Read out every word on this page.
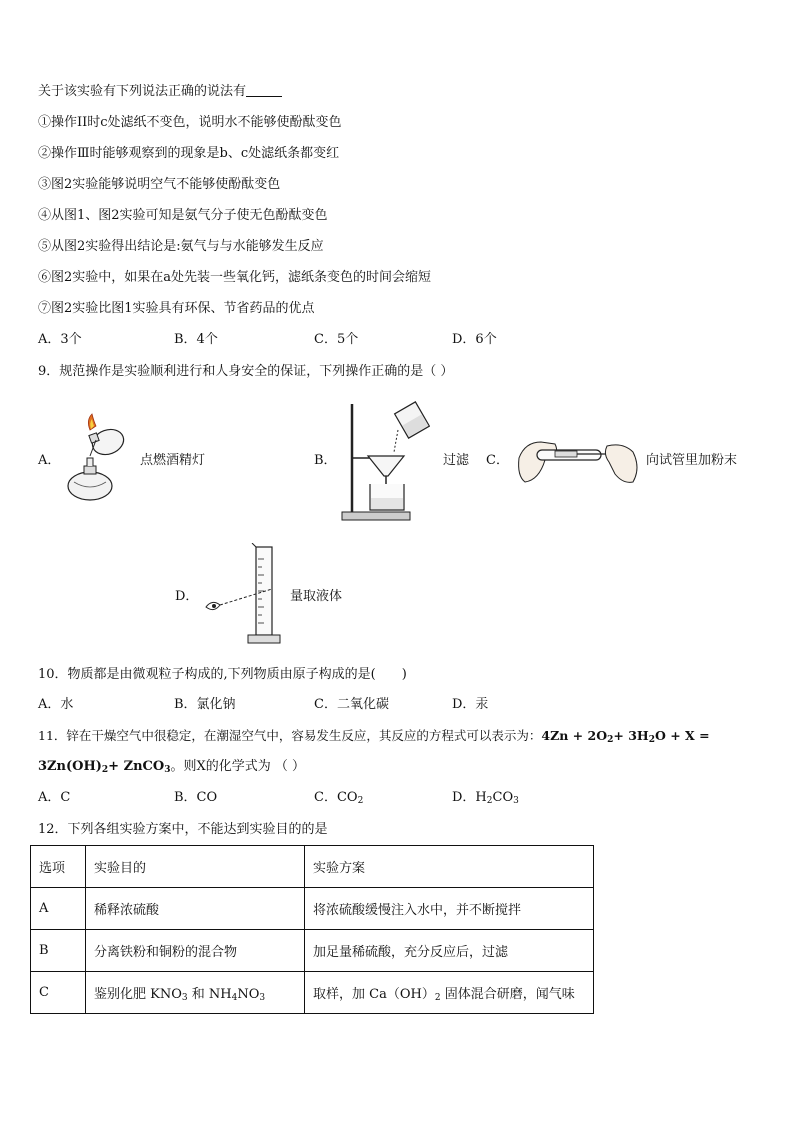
关于该实验有下列说法正确的说法有
①操作II时c处滤纸不变色，说明水不能够使酚酞变色
②操作Ⅲ时能够观察到的现象是b、c处滤纸条都变红
③图2实验能够说明空气不能够使酚酞变色
④从图1、图2实验可知是氨气分子使无色酚酞变色
⑤从图2实验得出结论是:氨气与与水能够发生反应
⑥图2实验中，如果在a处先装一些氧化钙，滤纸条变色的时间会缩短
⑦图2实验比图1实验具有环保、节省药品的优点
A．3个	B．4个	C．5个	D．6个
9．规范操作是实验顺利进行和人身安全的保证，下列操作正确的是（ ）
A．	点燃酒精灯	B．	过滤 C．	向试管里加粉末
D．	量取液体
10．物质都是由微观粒子构成的,下列物质由原子构成的是(　　)
A．水	B．氯化钠	C．二氧化碳	D．汞
11．锌在干燥空气中很稳定，在潮湿空气中，容易发生反应，其反应的方程式可以表示为：$4Zn + 2O_2+ 3H_2O + X$ =
$3Zn(OH)_2+$ ZnCO$_3$。则X的化学式为 （ ）
A．C	B．CO	C．$CO_2$	D．$H_2CO_3$
12．下列各组实验方案中，不能达到实验目的的是
选项	实验目的	实验方案
A	稀释浓硫酸	将浓硫酸缓慢注入水中，并不断搅拌
B	分离铁粉和铜粉的混合物	加足量稀硫酸，充分反应后，过滤
C	鉴别化肥 $KNO_3$ 和 $NH_4NO_3$	取样，加 $Ca(OH)_2$ 固体混合研磨，闻气味
